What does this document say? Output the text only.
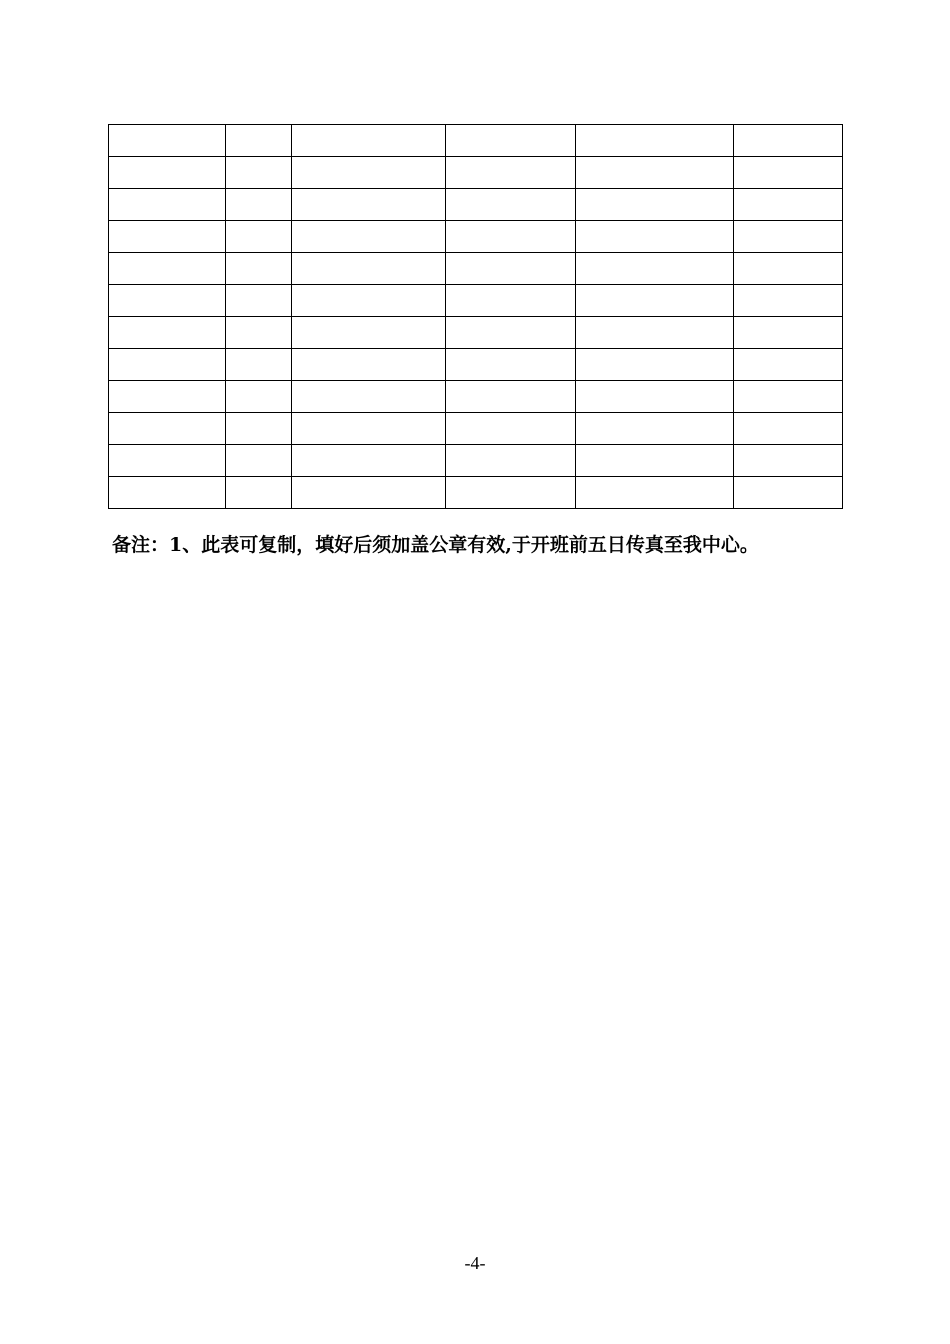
备注：1、此表可复制，填好后须加盖公章有效,于开班前五日传真至我中心。
-4-
